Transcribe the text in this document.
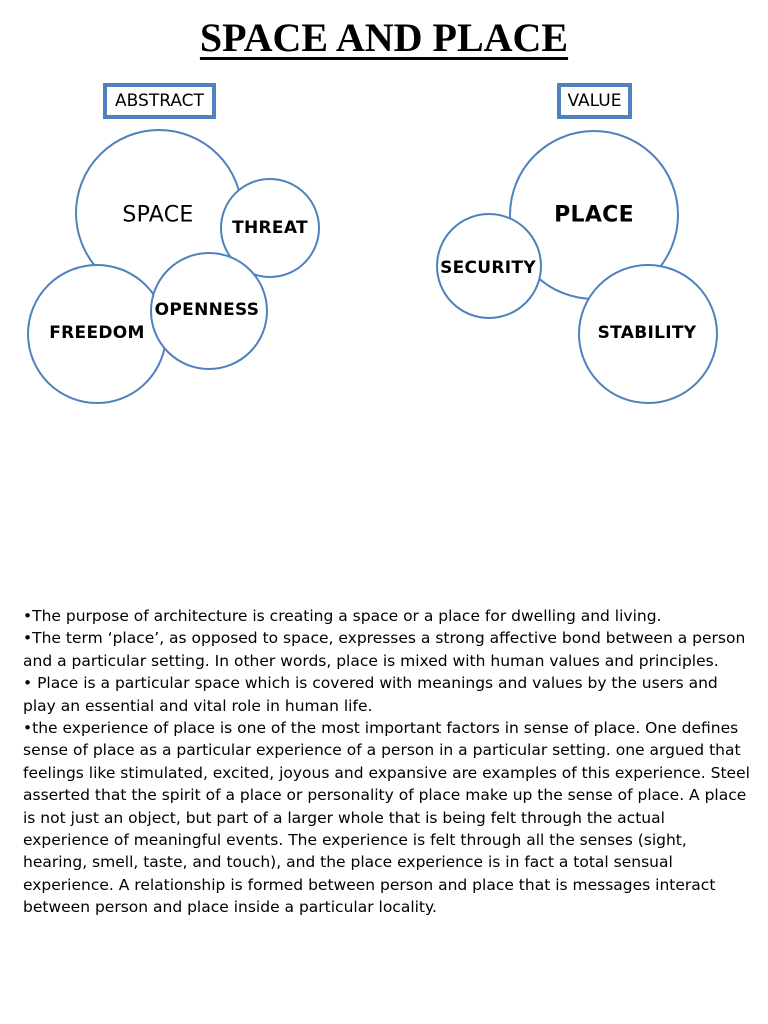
SPACE AND PLACE
ABSTRACT	VALUE
SPACE
THREAT
OPENNESS
FREEDOM
PLACE
SECURITY
STABILITY

•The purpose of architecture is creating a space or a place for dwelling and living.

•The term ‘place’, as opposed to space, expresses a strong affective bond between a person and a particular setting. In other words, place is mixed with human values and principles.

• Place is a particular space which is covered with meanings and values by the users and play an essential and vital role in human life.

•the experience of place is one of the most important factors in sense of place. One defines sense of place as a particular experience of a person in a particular setting. one argued that feelings like stimulated, excited, joyous and expansive are examples of this experience. Steel asserted that the spirit of a place or personality of place make up the sense of place. A place is not just an object, but part of a larger whole that is being felt through the actual experience of meaningful events. The experience is felt through all the senses (sight, hearing, smell, taste, and touch), and the place experience is in fact a total sensual experience. A relationship is formed between person and place that is messages interact between person and place inside a particular locality.
